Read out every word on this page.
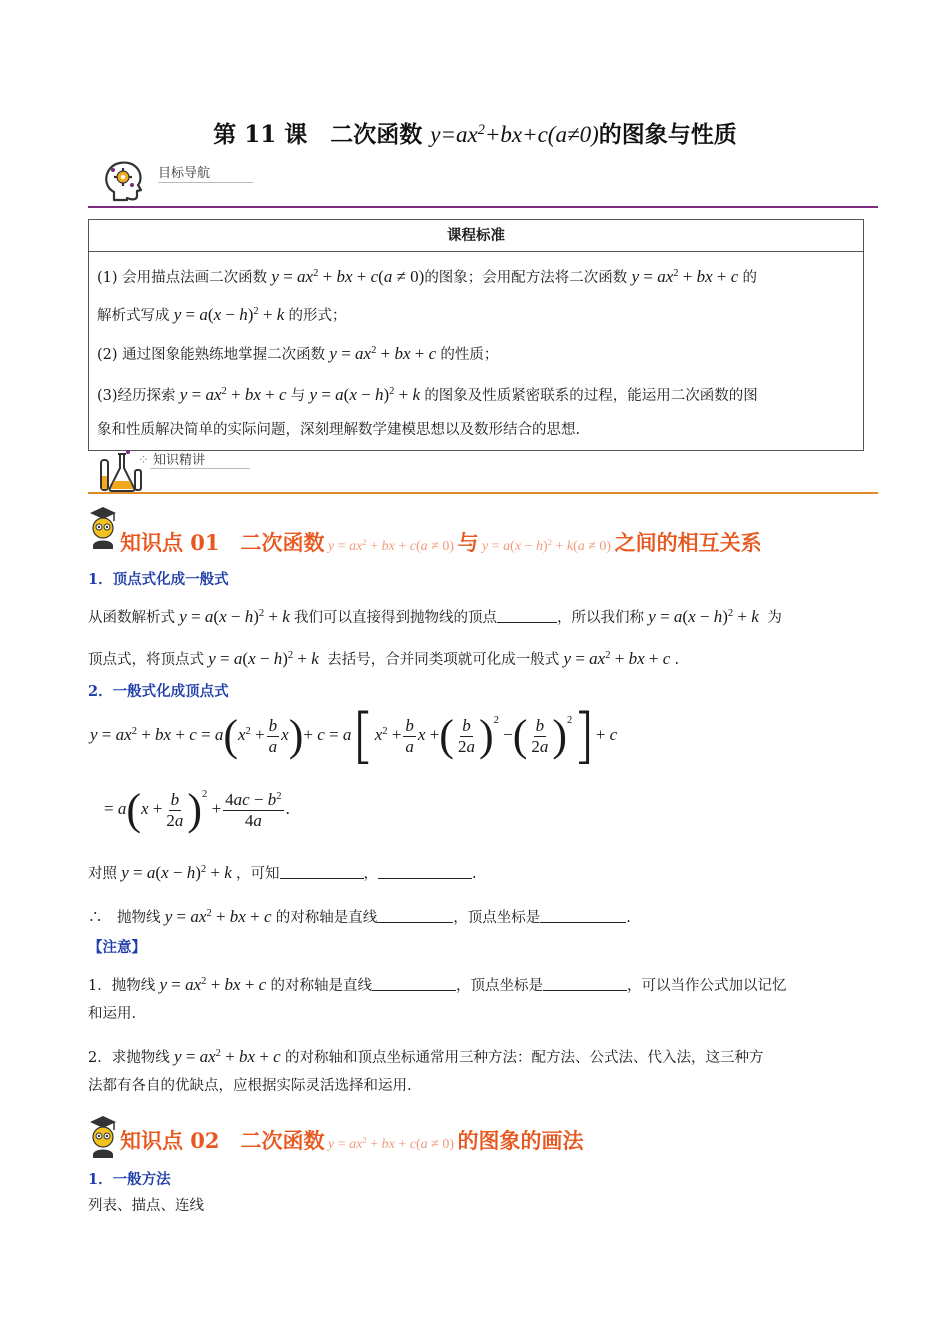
第 11 课　二次函数 $y=ax^2+bx+c(a\ne 0)$的图象与性质
目标导航
课程标准

(1) 会用描点法画二次函数 $y = ax^2$ + bx + c(a ≠ 0)的图象；会用配方法将二次函数 $y = ax^2$ + bx + c 的
解析式写成 $y = a(x - h)^2 + k$ 的形式；
(2) 通过图象能熟练地掌握二次函数 $y = ax^2$ + bx + c 的性质；
(3)经历探索 $y = ax^2$ + bx + c 与 $y = a(x - h)^2 + k$ 的图象及性质紧密联系的过程，能运用二次函数的图
象和性质解决简单的实际问题，深刻理解数学建模思想以及数形结合的思想.
⁘ 知识精讲
知识点 01　二次函数 $y = ax^2$ + bx + c(a ≠ 0) 与 $y = a(x - h)^2 + k(a \ne 0)$ 之间的相互关系
1．顶点式化成一般式
从函数解析式 $y = a(x - h)^2 + k$ 我们可以直接得到抛物线的顶点	，所以我们称 $y = a(x - h)^2 + k$  为
顶点式，将顶点式 $y = a(x - h)^2 + k$  去括号，合并同类项就可化成一般式 $y = ax^2$ + bx + c .
2．一般式化成顶点式
$y = ax^2$ + bx + $c = a(x^2 + \frac{b}{a} x)+ c = a[x^2 + \frac{b}{a}$ x +( $\frac{b}{2a} )^2$ −( $\frac{b}{2a} )^2]+ c$
= $a(x + \frac{b}{2a} )^2 + \frac{4ac - b^2}{4a}$ .
对照 $y = a(x - h)^2 + k$ ，可知	，	.
∴　抛物线 $y = ax^2$ + bx + c 的对称轴是直线	，顶点坐标是	.
【注意】
1．抛物线 $y = ax^2$ + bx + c 的对称轴是直线	，顶点坐标是	，可以当作公式加以记忆
和运用.
2．求抛物线 $y = ax^2$ + bx + c 的对称轴和顶点坐标通常用三种方法：配方法、公式法、代入法，这三种方
法都有各自的优缺点，应根据实际灵活选择和运用.
知识点 02　二次函数 $y = ax^2$ + bx + c(a ≠ 0) 的图象的画法
1．一般方法
列表、描点、连线
